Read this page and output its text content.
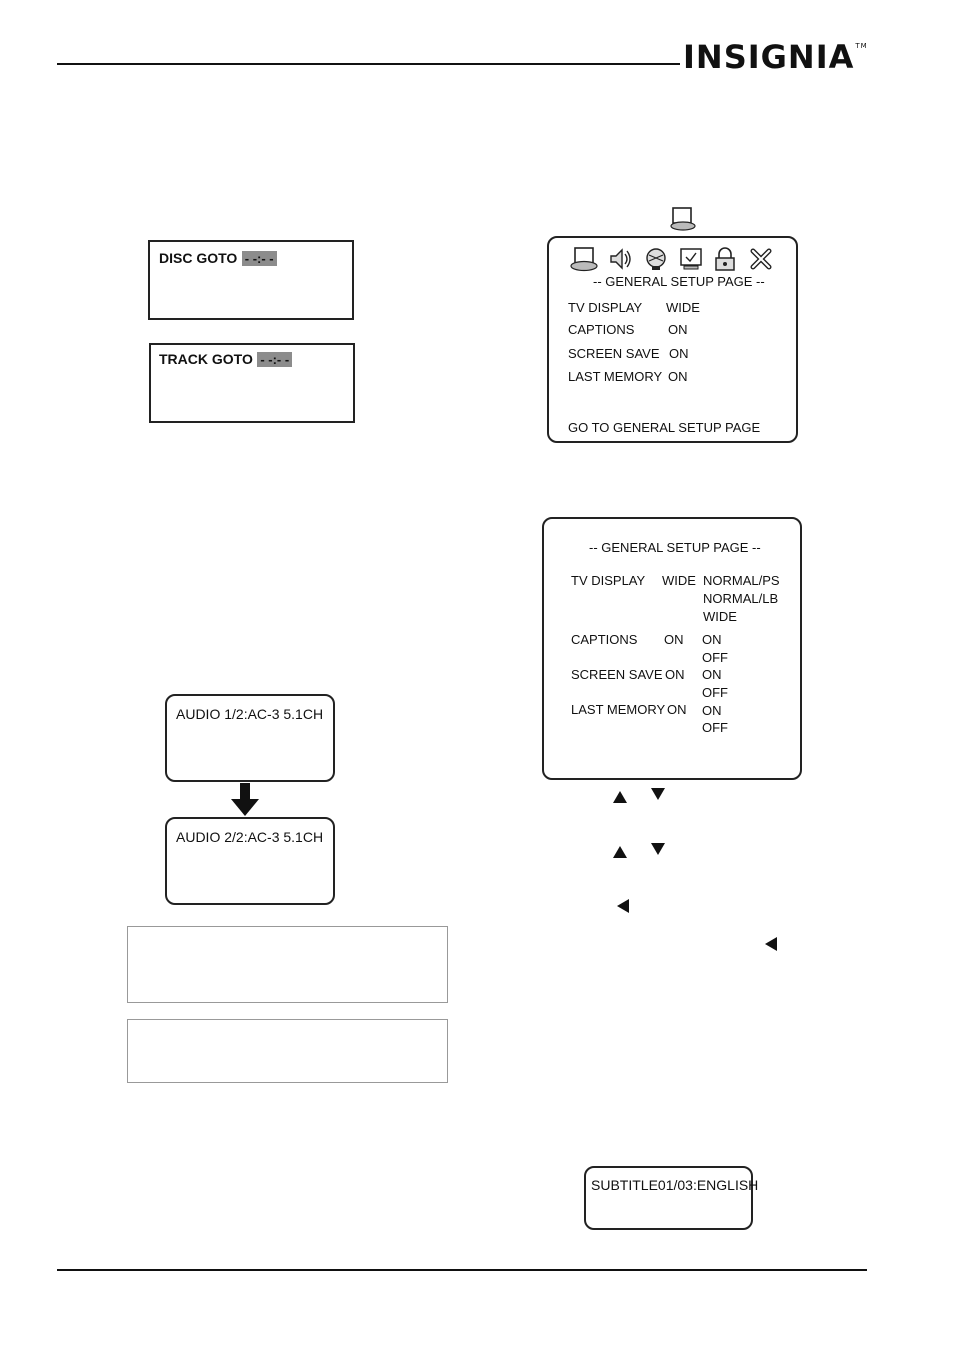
INSIGNIA™
DISC GOTO - -:- -
TRACK GOTO - -:- -
AUDIO 1/2:AC-3 5.1CH
AUDIO 2/2:AC-3 5.1CH
-- GENERAL SETUP PAGE --
TV DISPLAY WIDE
CAPTIONS	ON
SCREEN SAVE ON
LAST MEMORY ON
GO TO GENERAL SETUP PAGE
-- GENERAL SETUP PAGE --
TV DISPLAY WIDE NORMAL/PS
NORMAL/LB
WIDE
CAPTIONS ON ON
OFF
SCREEN SAVE ON ON
OFF
LAST MEMORY ON ON
OFF
SUBTITLE01/03:ENGLISH
